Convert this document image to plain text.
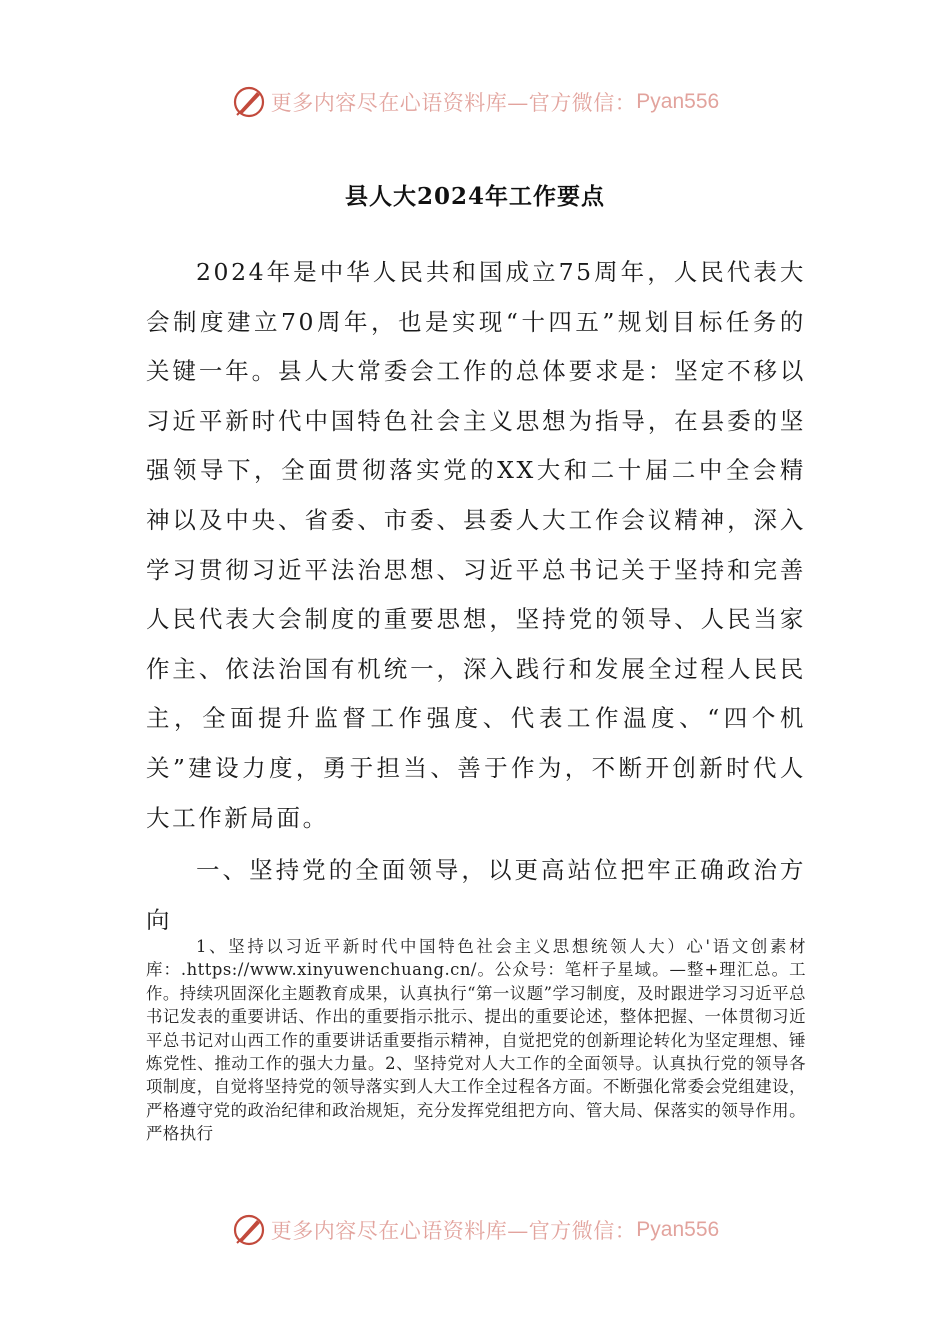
更多内容尽在心语资料库—官方微信： Pyan556
县人大2024年工作要点
2024年是中华人民共和国成立75周年，人民代表大会制度建立70周年，也是实现“十四五”规划目标任务的关键一年。县人大常委会工作的总体要求是：坚定不移以习近平新时代中国特色社会主义思想为指导，在县委的坚强领导下，全面贯彻落实党的XX大和二十届二中全会精神以及中央、省委、市委、县委人大工作会议精神，深入学习贯彻习近平法治思想、习近平总书记关于坚持和完善人民代表大会制度的重要思想，坚持党的领导、人民当家作主、依法治国有机统一，深入践行和发展全过程人民民主，全面提升监督工作强度、代表工作温度、“四个机关”建设力度，勇于担当、善于作为，不断开创新时代人大工作新局面。
一、坚持党的全面领导，以更高站位把牢正确政治方向
1、坚持以习近平新时代中国特色社会主义思想统领人大）心'语文创素材库：.https://www.xinyuwenchuang.cn/。公众号：笔杆子星域。—整+理汇总。工作。持续巩固深化主题教育成果，认真执行“第一议题”学习制度，及时跟进学习习近平总书记发表的重要讲话、作出的重要指示批示、提出的重要论述，整体把握、一体贯彻习近平总书记对山西工作的重要讲话重要指示精神，自觉把党的创新理论转化为坚定理想、锤炼党性、推动工作的强大力量。2、坚持党对人大工作的全面领导。认真执行党的领导各项制度，自觉将坚持党的领导落实到人大工作全过程各方面。不断强化常委会党组建设，严格遵守党的政治纪律和政治规矩，充分发挥党组把方向、管大局、保落实的领导作用。严格执行
更多内容尽在心语资料库—官方微信： Pyan556
